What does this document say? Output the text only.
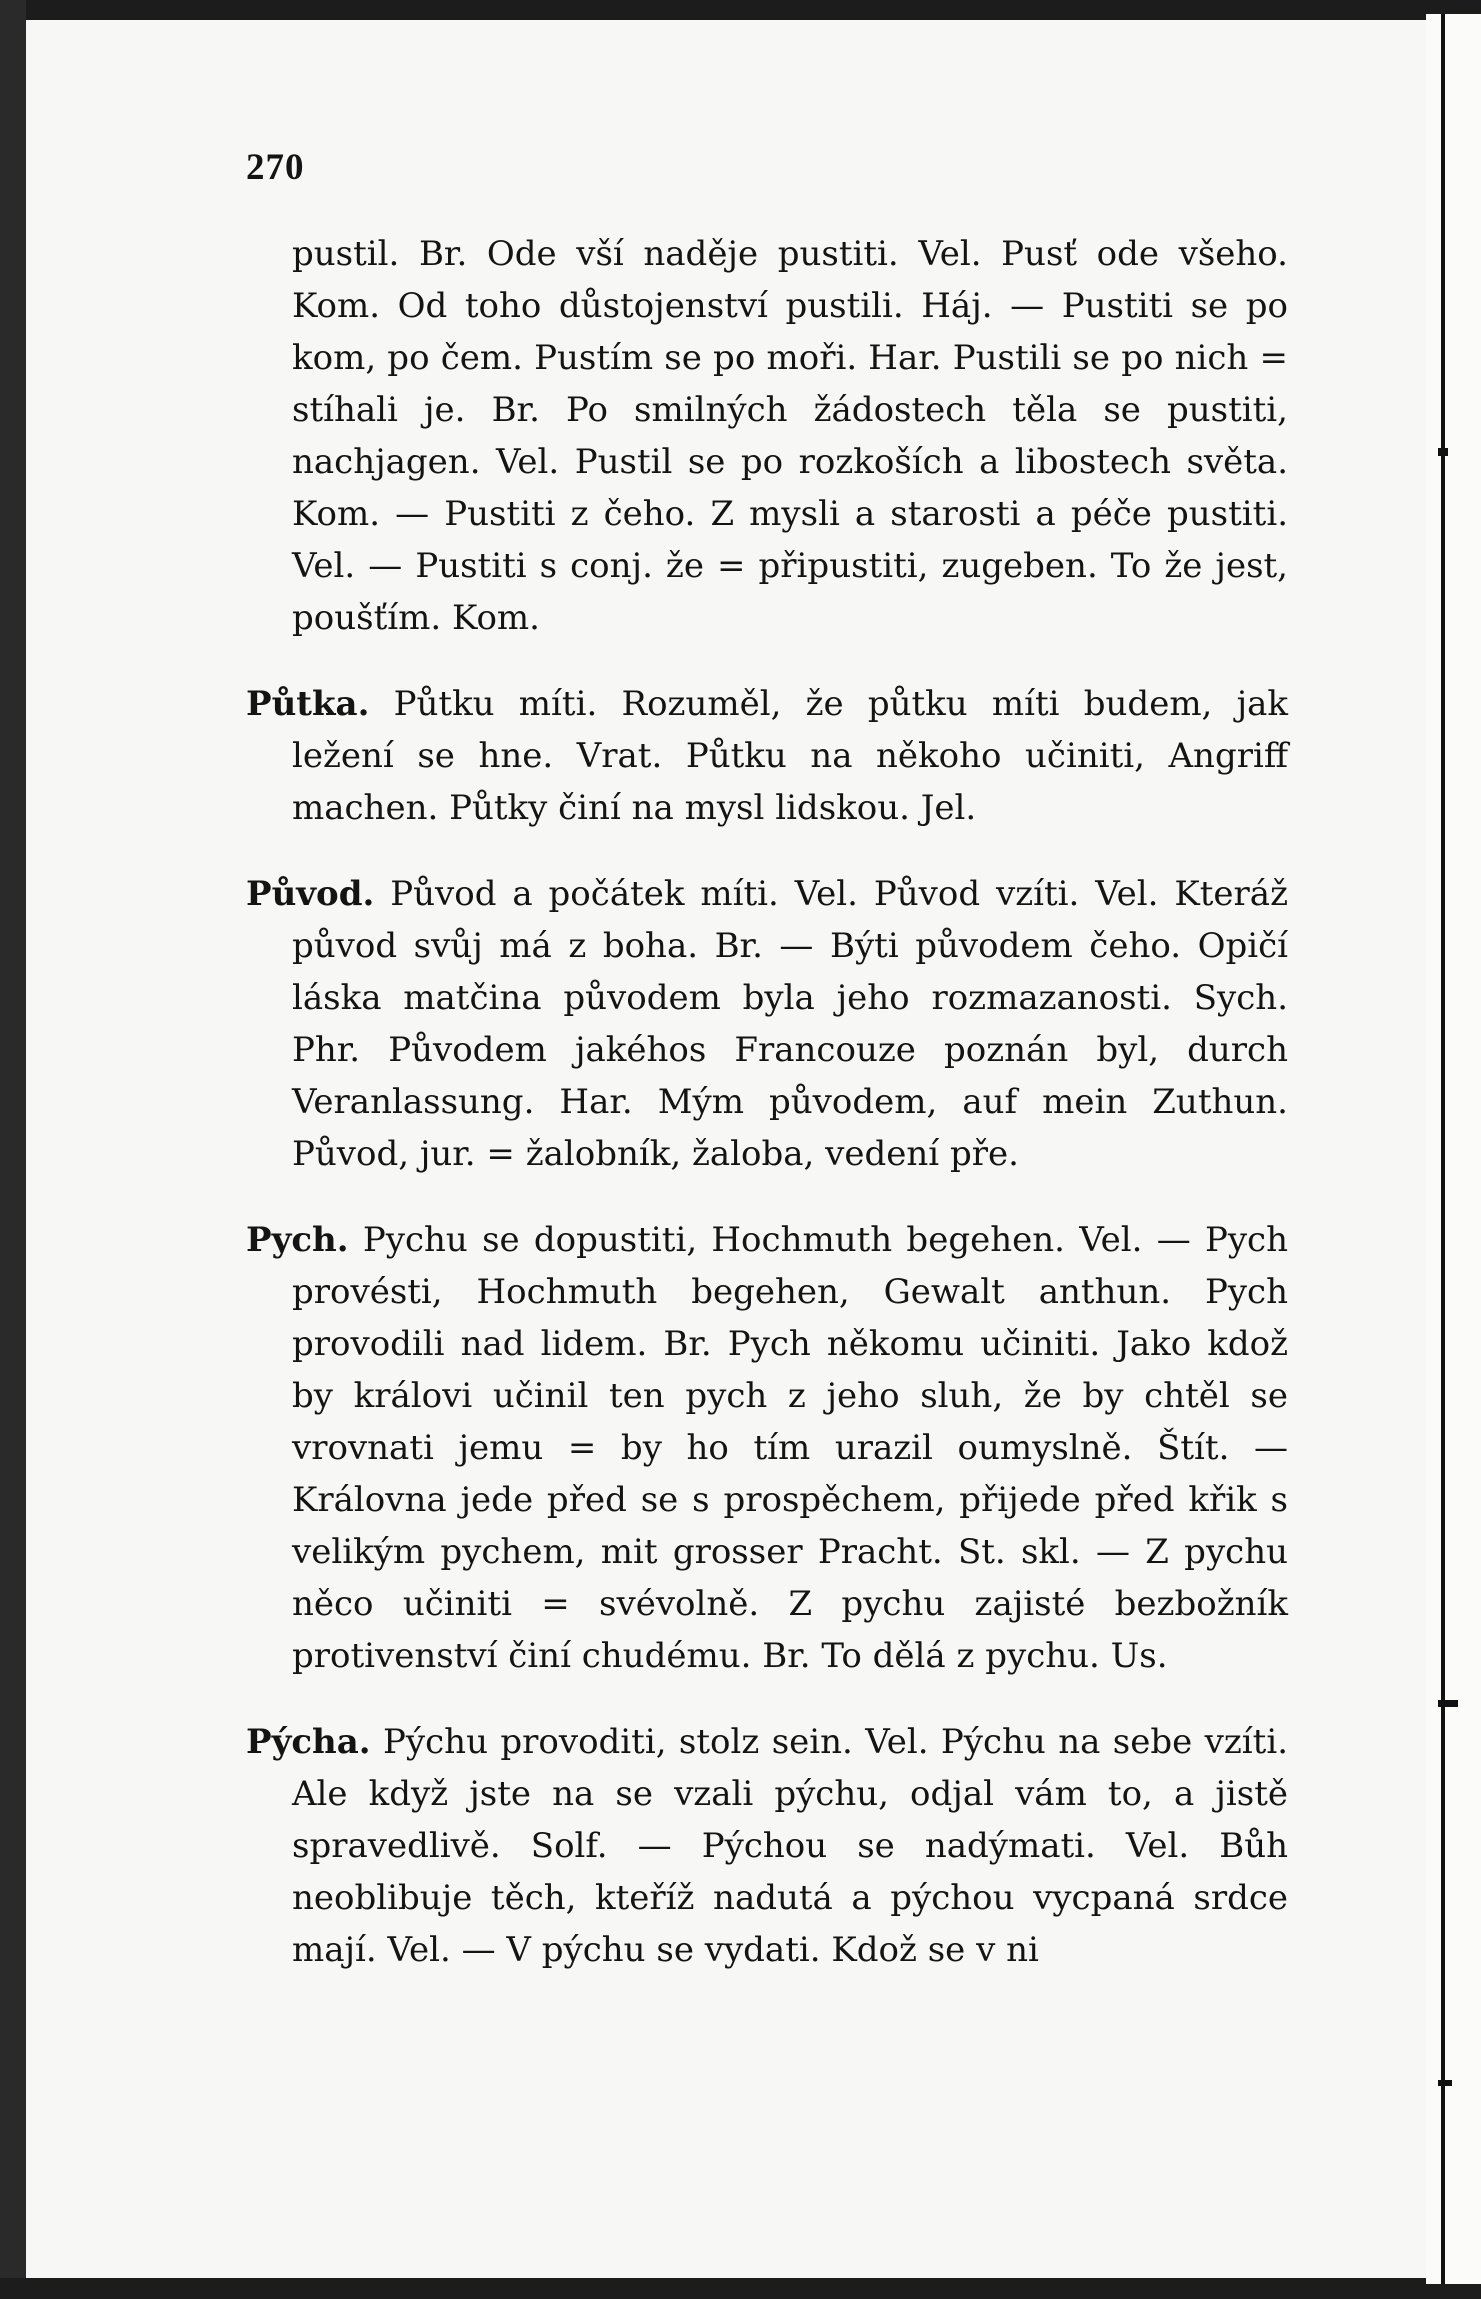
270

pustil. Br. Ode vší naděje pustiti. Vel. Pusť ode všeho. Kom. Od toho důstojenství pustili. Háj. — Pustiti se po kom, po čem. Pustím se po moři. Har. Pustili se po nich = stíhali je. Br. Po smilných žádostech těla se pustiti, nachjagen. Vel. Pustil se po rozkoších a libostech světa. Kom. — Pustiti z čeho. Z mysli a starosti a péče pustiti. Vel. — Pustiti s conj. že = připustiti, zugeben. To že jest, poušťím. Kom.

Půtka. Půtku míti. Rozuměl, že půtku míti budem, jak ležení se hne. Vrat. Půtku na někoho učiniti, Angriff machen. Půtky činí na mysl lidskou. Jel.

Původ. Původ a počátek míti. Vel. Původ vzíti. Vel. Kteráž původ svůj má z boha. Br. — Býti původem čeho. Opičí láska matčina původem byla jeho rozmazanosti. Sych. Phr. Původem jakéhos Francouze poznán byl, durch Veranlassung. Har. Mým původem, auf mein Zuthun. Původ, jur. = žalobník, žaloba, vedení pře.

Pych. Pychu se dopustiti, Hochmuth begehen. Vel. — Pych provésti, Hochmuth begehen, Gewalt anthun. Pych provodili nad lidem. Br. Pych někomu učiniti. Jako kdož by královi učinil ten pych z jeho sluh, že by chtěl se vrovnati jemu = by ho tím urazil oumyslně. Štít. — Královna jede před se s prospěchem, přijede před křik s velikým pychem, mit grosser Pracht. St. skl. — Z pychu něco učiniti = svévolně. Z pychu zajisté bezbožník protivenství činí chudému. Br. To dělá z pychu. Us.

Pýcha. Pýchu provoditi, stolz sein. Vel. Pýchu na sebe vzíti. Ale když jste na se vzali pýchu, odjal vám to, a jistě spravedlivě. Solf. — Pýchou se nadýmati. Vel. Bůh neoblibuje těch, kteříž nadutá a pýchou vycpaná srdce mají. Vel. — V pýchu se vydati. Kdož se v ni
